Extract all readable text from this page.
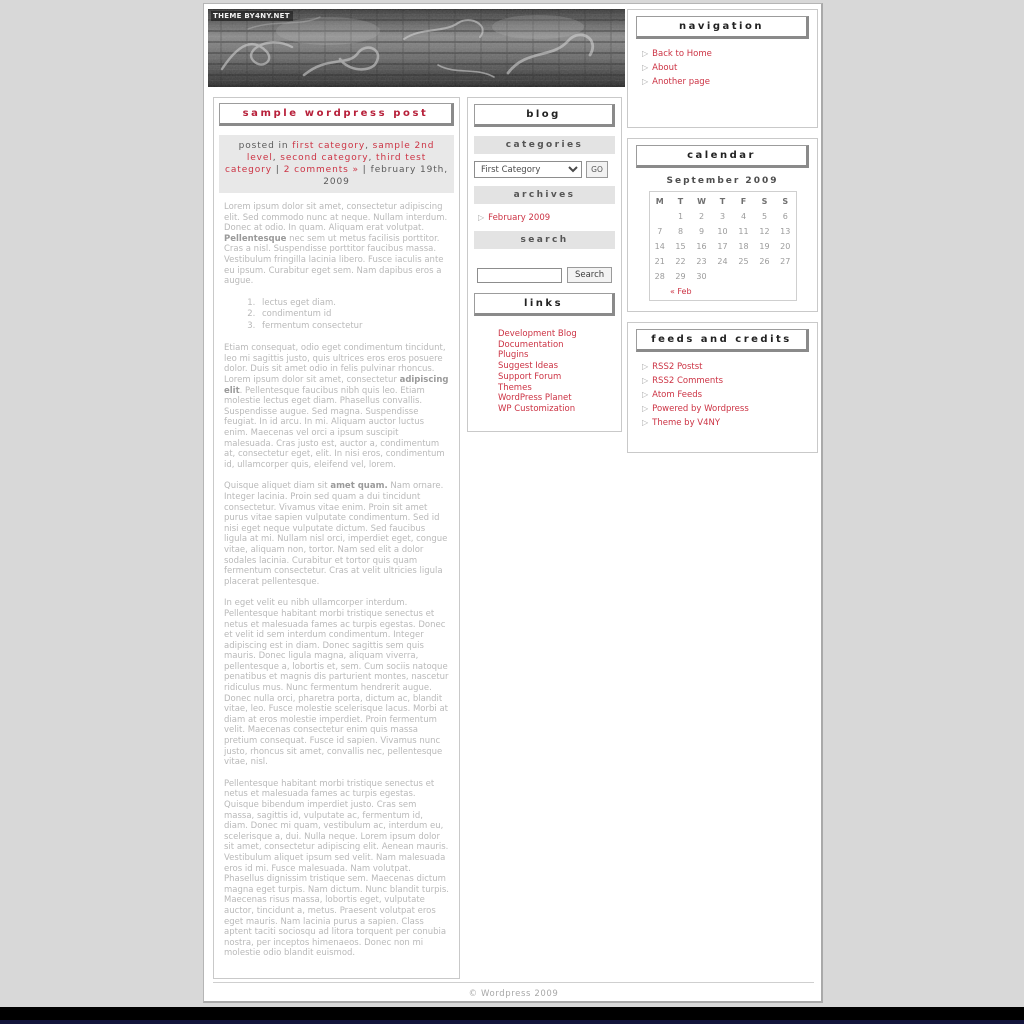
THEME BY4NY.NET
sample wordpress post
posted in first category, sample 2nd level, second category, third test category | 2 comments » | february 19th, 2009

Lorem ipsum dolor sit amet, consectetur adipiscing elit. Sed commodo nunc at neque. Nullam interdum. Donec at odio. In quam. Aliquam erat volutpat. Pellentesque nec sem ut metus facilisis porttitor. Cras a nisl. Suspendisse porttitor faucibus massa. Vestibulum fringilla lacinia libero. Fusce iaculis ante eu ipsum. Curabitur eget sem. Nam dapibus eros a augue.

1. lectus eget diam.
2. condimentum id
3. fermentum consectetur

Etiam consequat, odio eget condimentum tincidunt, leo mi sagittis justo, quis ultrices eros eros posuere dolor. Duis sit amet odio in felis pulvinar rhoncus. Lorem ipsum dolor sit amet, consectetur adipiscing elit. Pellentesque faucibus nibh quis leo. Etiam molestie lectus eget diam. Phasellus convallis. Suspendisse augue. Sed magna. Suspendisse feugiat. In id arcu. In mi. Aliquam auctor luctus enim. Maecenas vel orci a ipsum suscipit malesuada. Cras justo est, auctor a, condimentum at, consectetur eget, elit. In nisi eros, condimentum id, ullamcorper quis, eleifend vel, lorem.

Quisque aliquet diam sit amet quam. Nam ornare. Integer lacinia. Proin sed quam a dui tincidunt consectetur. Vivamus vitae enim. Proin sit amet purus vitae sapien vulputate condimentum. Sed id nisi eget neque vulputate dictum. Sed faucibus ligula at mi. Nullam nisl orci, imperdiet eget, congue vitae, aliquam non, tortor. Nam sed elit a dolor sodales lacinia. Curabitur et tortor quis quam fermentum consectetur. Cras at velit ultricies ligula placerat pellentesque.

In eget velit eu nibh ullamcorper interdum. Pellentesque habitant morbi tristique senectus et netus et malesuada fames ac turpis egestas. Donec et velit id sem interdum condimentum. Integer adipiscing est in diam. Donec sagittis sem quis mauris. Donec ligula magna, aliquam viverra, pellentesque a, lobortis et, sem. Cum sociis natoque penatibus et magnis dis parturient montes, nascetur ridiculus mus. Nunc fermentum hendrerit augue. Donec nulla orci, pharetra porta, dictum ac, blandit vitae, leo. Fusce molestie scelerisque lacus. Morbi at diam at eros molestie imperdiet. Proin fermentum velit. Maecenas consectetur enim quis massa pretium consequat. Fusce id sapien. Vivamus nunc justo, rhoncus sit amet, convallis nec, pellentesque vitae, nisl.

Pellentesque habitant morbi tristique senectus et netus et malesuada fames ac turpis egestas. Quisque bibendum imperdiet justo. Cras sem massa, sagittis id, vulputate ac, fermentum id, diam. Donec mi quam, vestibulum ac, interdum eu, scelerisque a, dui. Nulla neque. Lorem ipsum dolor sit amet, consectetur adipiscing elit. Aenean mauris. Vestibulum aliquet ipsum sed velit. Nam malesuada eros id mi. Fusce malesuada. Nam volutpat. Phasellus dignissim tristique sem. Maecenas dictum magna eget turpis. Nam dictum. Nunc blandit turpis. Maecenas risus massa, lobortis eget, vulputate auctor, tincidunt a, metus. Praesent volutpat eros eget mauris. Nam lacinia purus a sapien. Class aptent taciti sociosqu ad litora torquent per conubia nostra, per inceptos himenaeos. Donec non mi molestie odio blandit euismod.

blog
categories
First Category
GO
archives
▷ February 2009
search
Search
links
Development Blog
Documentation
Plugins
Suggest Ideas
Support Forum
Themes
WordPress Planet
WP Customization
navigation
▷ Back to Home
▷ About
▷ Another page
calendar
September 2009
M	T	W	T	F	S	S
	1	2	3	4	5	6
7	8	9	10	11	12	13
14	15	16	17	18	19	20
21	22	23	24	25	26	27
28	29	30				
« Feb						
feeds and credits
▷ RSS2 Postst
▷ RSS2 Comments
▷ Atom Feeds
▷ Powered by Wordpress
▷ Theme by V4NY
© Wordpress 2009
